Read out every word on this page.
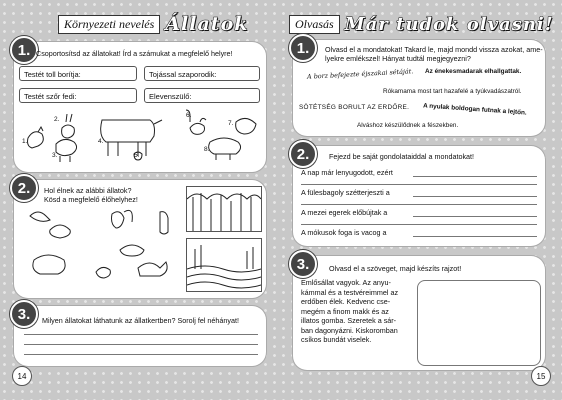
Környezeti nevelés Állatok
1. Csoportosítsd az állatokat! Írd a számukat a megfelelő helyre!
Testét toll borítja:	Tojással szaporodik:
Testét szőr fedi:	Elevenszülő:
1.
2.
3.
4.
5.
6.
7.
8.
2.	Hol élnek az alábbi állatok?
Kösd a megfelelő élőhelyhez!
3.	Milyen állatokat láthatunk az állatkertben? Sorolj fel néhányat!
14
Olvasás Már tudok olvasni!
1.	Olvasd el a mondatokat! Takard le, majd mondd vissza azokat, ame-
lyekre emlékszel! Hányat tudtál megjegyezni?
A borz befejezte éjszakai sétáját. Az énekesmadarak elhallgattak.
Rókamama most tart hazafelé a tyúkvadászatról.
SÖTÉTSÉG BORULT AZ ERDŐRE. A nyulak boldogan futnak a lejtőn.
Alváshoz készülődnek a fészekben.
2.	Fejezd be saját gondolataiddal a mondatokat!
A nap már lenyugodott, ezért
A fülesbagoly szétterjeszti a
A mezei egerek előbújtak a
A mókusok foga is vacog a
3.	Olvasd el a szöveget, majd készíts rajzot!
Emlősállat vagyok. Az anyu-
kámmal és a testvéreimmel az
erdőben élek. Kedvenc cse-
megém a finom makk és az
illatos gomba. Szeretek a sár-
ban dagonyázni. Kiskoromban
csíkos bundát viselek.
15
